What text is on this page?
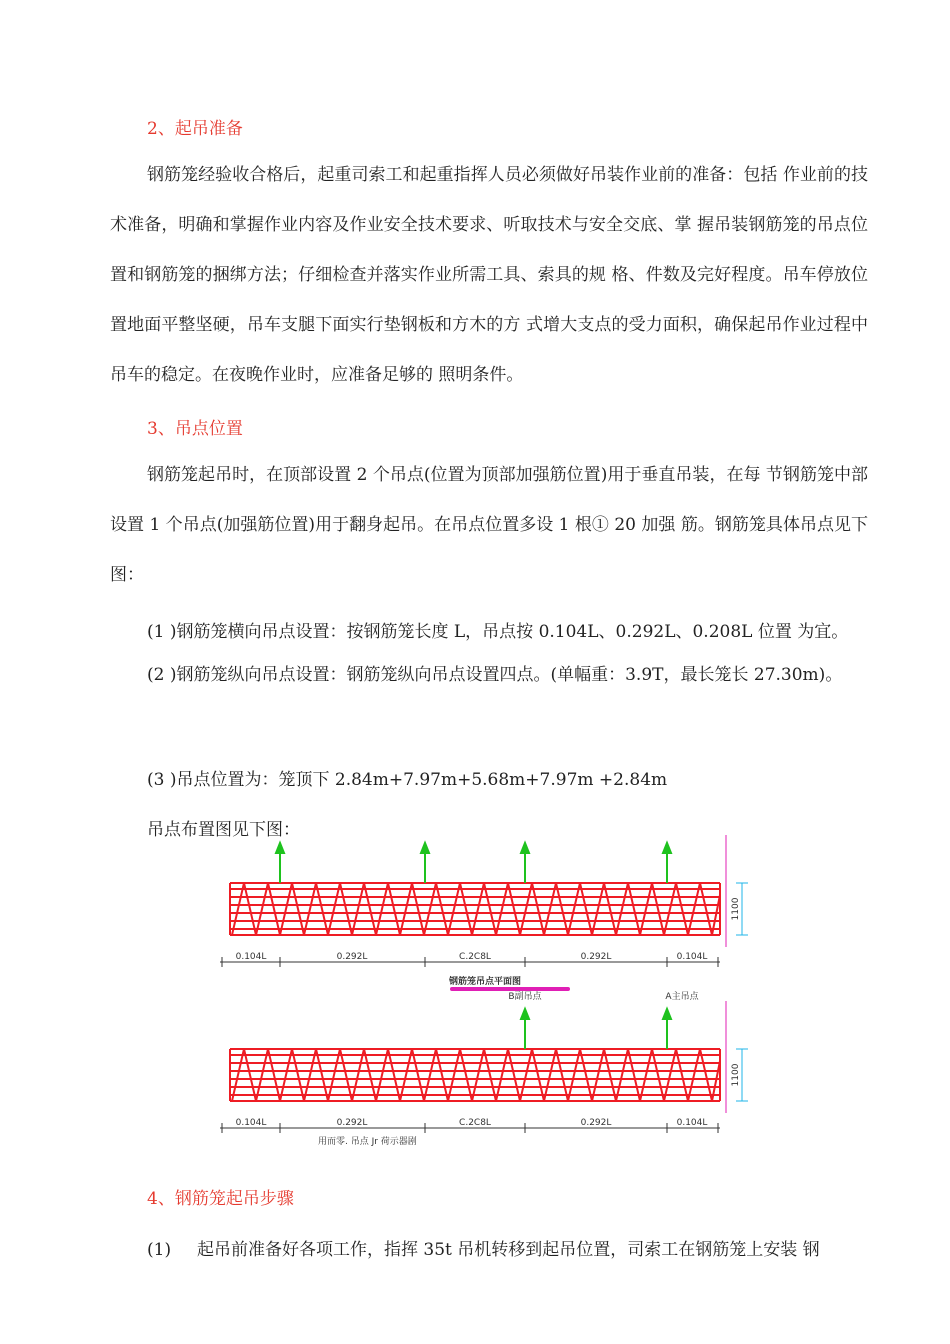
2、起吊准备

钢筋笼经验收合格后，起重司索工和起重指挥人员必须做好吊装作业前的准备：包括 作业前的技术准备，明确和掌握作业内容及作业安全技术要求、听取技术与安全交底、掌 握吊装钢筋笼的吊点位置和钢筋笼的捆绑方法；仔细检查并落实作业所需工具、索具的规 格、件数及完好程度。吊车停放位置地面平整坚硬，吊车支腿下面实行垫钢板和方木的方 式增大支点的受力面积，确保起吊作业过程中吊车的稳定。在夜晚作业时，应准备足够的 照明条件。

3、吊点位置

钢筋笼起吊时，在顶部设置 2 个吊点(位置为顶部加强筋位置)用于垂直吊装，在每 节钢筋笼中部设置 1 个吊点(加强筋位置)用于翻身起吊。在吊点位置多设 1 根① 20 加强 筋。钢筋笼具体吊点见下图：

(1 )钢筋笼横向吊点设置：按钢筋笼长度 L，吊点按 0.104L、0.292L、0.208L 位置 为宜。

(2 )钢筋笼纵向吊点设置：钢筋笼纵向吊点设置四点。(单幅重：3.9T，最长笼长 27.30m)。

(3 )吊点位置为：笼顶下 2.84m+7.97m+5.68m+7.97m +2.84m

吊点布置图见下图：

1100
0.104L	0.292L	C.2C8L	0.292L	0.104L
钢筋笼吊点平面图
B副吊点	A主吊点
1100
0.104L	0.292L	C.2C8L	0.292L	0.104L
用而零. 吊点 Jr 荷示器剧
4、钢筋笼起吊步骤

(1) 起吊前准备好各项工作，指挥 35t 吊机转移到起吊位置，司索工在钢筋笼上安装 钢
